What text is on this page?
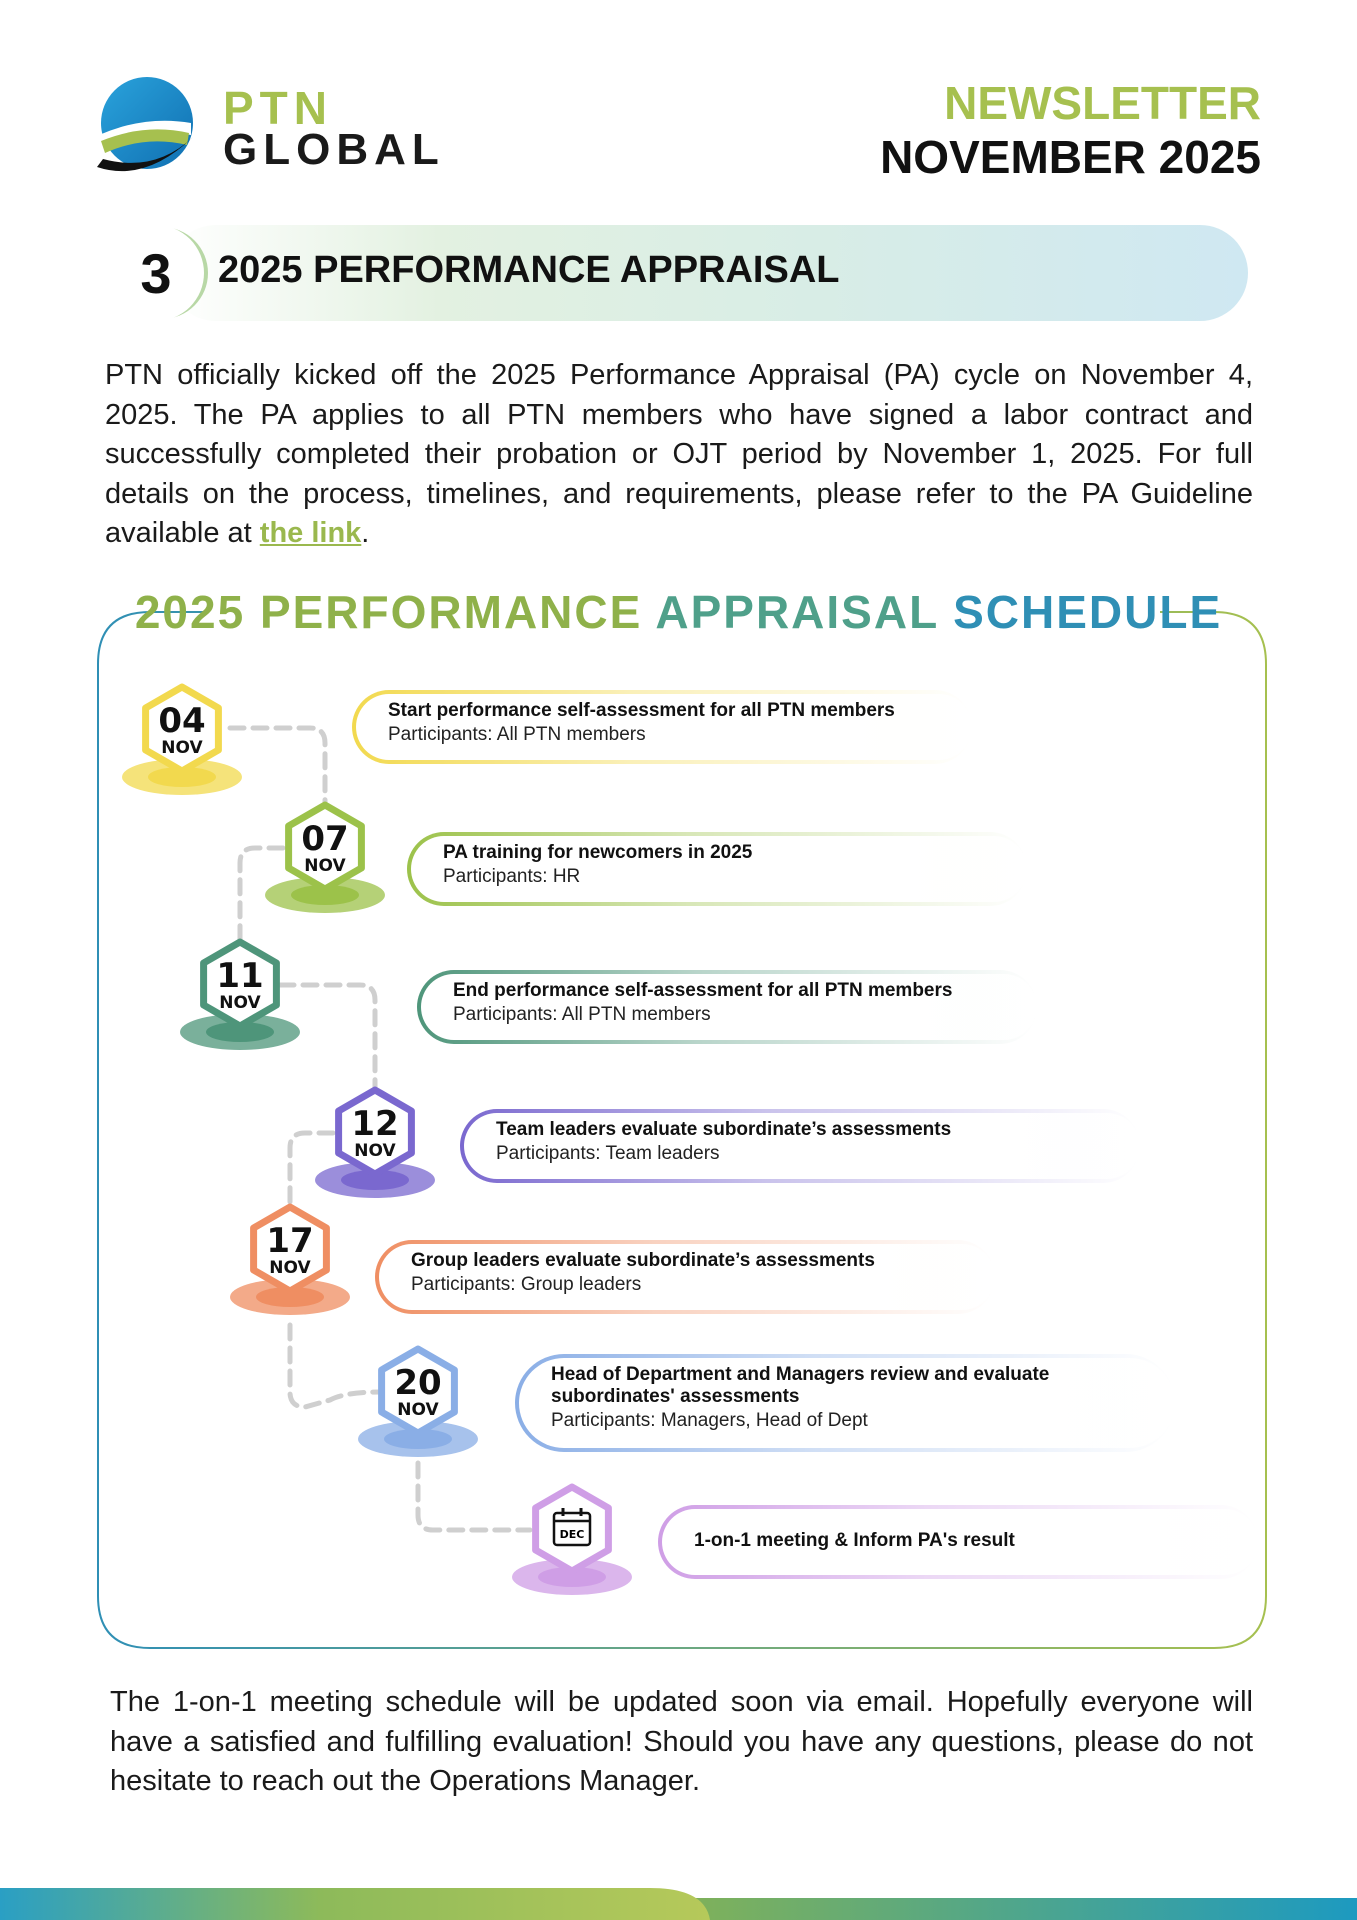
PTN
GLOBAL
NEWSLETTER
NOVEMBER 2025
3	2025 PERFORMANCE APPRAISAL
PTN officially kicked off the 2025 Performance Appraisal (PA) cycle on November 4, 2025. The PA applies to all PTN members who have signed a labor contract and successfully completed their probation or OJT period by November 1, 2025. For full details on the process, timelines, and requirements, please refer to the PA Guideline available at the link.
2025 PERFORMANCE APPRAISAL SCHEDULE
04
NOV
Start performance self-assessment for all PTN members
Participants: All PTN members
07
NOV
PA training for newcomers in 2025
Participants: HR
11
NOV
End performance self-assessment for all PTN members
Participants: All PTN members
12
NOV
Team leaders evaluate subordinate’s assessments
Participants: Team leaders
17
NOV	Group leaders evaluate subordinate’s assessments
Participants: Group leaders
20
NOV
Head of Department and Managers review and evaluate subordinates' assessments
Participants: Managers, Head of Dept
DEC	1-on-1 meeting & Inform PA's result
The 1-on-1 meeting schedule will be updated soon via email. Hopefully everyone will have a satisfied and fulfilling evaluation! Should you have any questions, please do not hesitate to reach out the Operations Manager.
